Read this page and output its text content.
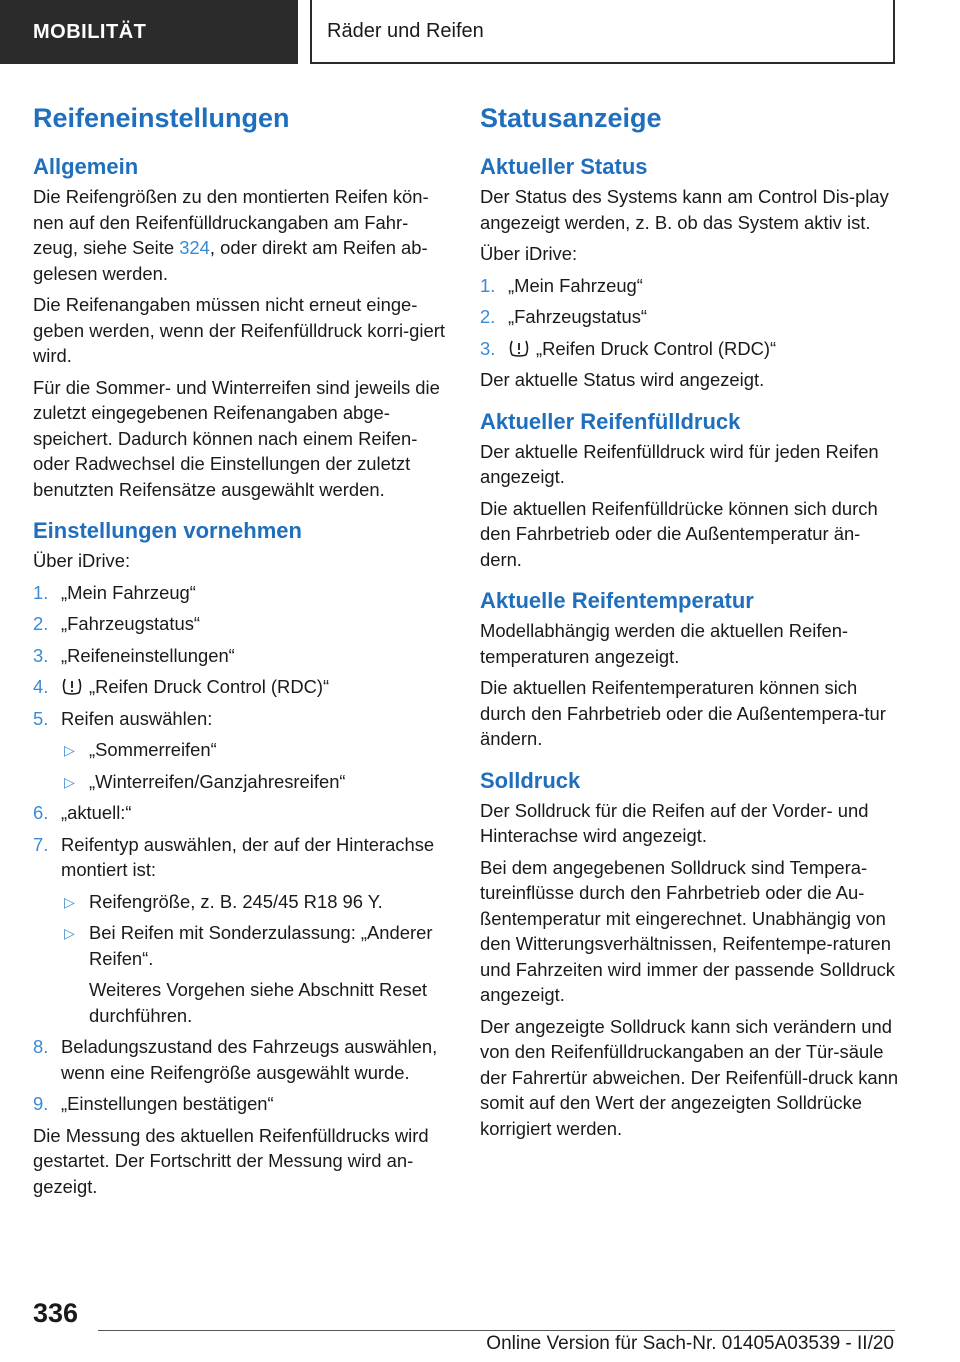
MOBILITÄT	Räder und Reifen
Reifeneinstellungen
Allgemein

Die Reifengrößen zu den montierten Reifen kön-nen auf den Reifenfülldruckangaben am Fahr-zeug, siehe Seite 324, oder direkt am Reifen ab-gelesen werden.

Die Reifenangaben müssen nicht erneut einge-geben werden, wenn der Reifenfülldruck korri-giert wird.

Für die Sommer- und Winterreifen sind jeweils die zuletzt eingegebenen Reifenangaben abge-speichert. Dadurch können nach einem Reifen- oder Radwechsel die Einstellungen der zuletzt benutzten Reifensätze ausgewählt werden.

Einstellungen vornehmen

Über iDrive:

1. „Mein Fahrzeug“
2. „Fahrzeugstatus“
3. „Reifeneinstellungen“
4. „Reifen Druck Control (RDC)“
5. Reifen auswählen:
▷ „Sommerreifen“
▷ „Winterreifen/Ganzjahresreifen“
6. „aktuell:“
7. Reifentyp auswählen, der auf der Hinterachse montiert ist:
▷ Reifengröße, z. B. 245/45 R18 96 Y.
▷ Bei Reifen mit Sonderzulassung: „Anderer Reifen“.
Weiteres Vorgehen siehe Abschnitt Reset durchführen.
8. Beladungszustand des Fahrzeugs auswählen, wenn eine Reifengröße ausgewählt wurde.
9. „Einstellungen bestätigen“

Die Messung des aktuellen Reifenfülldrucks wird gestartet. Der Fortschritt der Messung wird an-gezeigt.

Statusanzeige
Aktueller Status

Der Status des Systems kann am Control Dis-play angezeigt werden, z. B. ob das System aktiv ist.

Über iDrive:

1. „Mein Fahrzeug“
2. „Fahrzeugstatus“
3. „Reifen Druck Control (RDC)“

Der aktuelle Status wird angezeigt.

Aktueller Reifenfülldruck

Der aktuelle Reifenfülldruck wird für jeden Reifen angezeigt.

Die aktuellen Reifenfülldrücke können sich durch den Fahrbetrieb oder die Außentemperatur än-dern.

Aktuelle Reifentemperatur

Modellabhängig werden die aktuellen Reifen-temperaturen angezeigt.

Die aktuellen Reifentemperaturen können sich durch den Fahrbetrieb oder die Außentempera-tur ändern.

Solldruck

Der Solldruck für die Reifen auf der Vorder- und Hinterachse wird angezeigt.

Bei dem angegebenen Solldruck sind Tempera-tureinflüsse durch den Fahrbetrieb oder die Au-ßentemperatur mit eingerechnet. Unabhängig von den Witterungsverhältnissen, Reifentempe-raturen und Fahrzeiten wird immer der passende Solldruck angezeigt.

Der angezeigte Solldruck kann sich verändern und von den Reifenfülldruckangaben an der Tür-säule der Fahrertür abweichen. Der Reifenfüll-druck kann somit auf den Wert der angezeigten Solldrücke korrigiert werden.

336
Online Version für Sach-Nr. 01405A03539 - II/20
